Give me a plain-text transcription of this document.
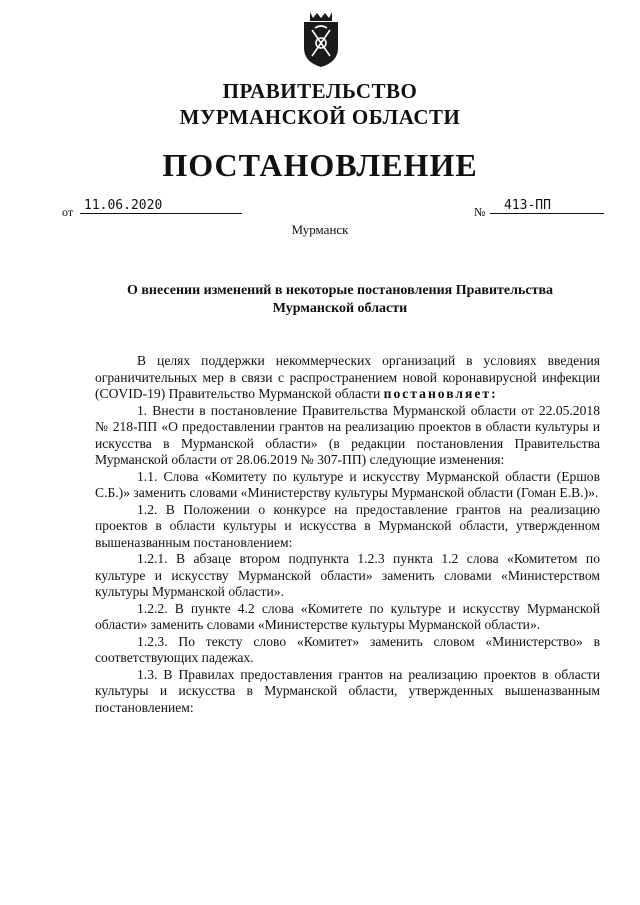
ПРАВИТЕЛЬСТВО
МУРМАНСКОЙ ОБЛАСТИ
ПОСТАНОВЛЕНИЕ
от 11.06.2020	№	413-ПП
Мурманск
О внесении изменений в некоторые постановления Правительства
Мурманской области

В целях поддержки некоммерческих организаций в условиях введения ограничительных мер в связи с распространением новой коронавирусной инфекции (COVID-19) Правительство Мурманской области постановляет:

1. Внести в постановление Правительства Мурманской области от 22.05.2018 № 218-ПП «О предоставлении грантов на реализацию проектов в области культуры и искусства в Мурманской области» (в редакции постановления Правительства Мурманской области от 28.06.2019 № 307-ПП) следующие изменения:

1.1. Слова «Комитету по культуре и искусству Мурманской области (Ершов С.Б.)» заменить словами «Министерству культуры Мурманской области (Гоман Е.В.)».

1.2. В Положении о конкурсе на предоставление грантов на реализацию проектов в области культуры и искусства в Мурманской области, утвержденном вышеназванным постановлением:

1.2.1. В абзаце втором подпункта 1.2.3 пункта 1.2 слова «Комитетом по культуре и искусству Мурманской области» заменить словами «Министерством культуры Мурманской области».

1.2.2. В пункте 4.2 слова «Комитете по культуре и искусству Мурманской области» заменить словами «Министерстве культуры Мурманской области».

1.2.3. По тексту слово «Комитет» заменить словом «Министерство» в соответствующих падежах.

1.3. В Правилах предоставления грантов на реализацию проектов в области культуры и искусства в Мурманской области, утвержденных вышеназванным постановлением:
